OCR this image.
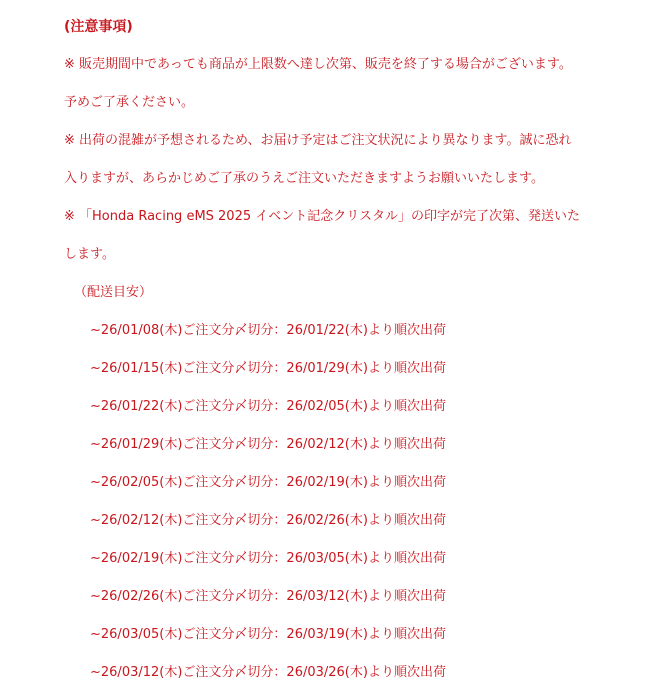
(注意事項)
※ 販売期間中であっても商品が上限数へ達し次第、販売を終了する場合がございます。
予めご了承ください。
※ 出荷の混雑が予想されるため、お届け予定はご注文状況により異なります。誠に恐れ
入りますが、あらかじめご了承のうえご注文いただきますようお願いいたします。
※ 「Honda Racing eMS 2025 イベント記念クリスタル」の印字が完了次第、発送いた
します。
（配送目安）
~26/01/08(木)ご注文分〆切分：26/01/22(木)より順次出荷
~26/01/15(木)ご注文分〆切分：26/01/29(木)より順次出荷
~26/01/22(木)ご注文分〆切分：26/02/05(木)より順次出荷
~26/01/29(木)ご注文分〆切分：26/02/12(木)より順次出荷
~26/02/05(木)ご注文分〆切分：26/02/19(木)より順次出荷
~26/02/12(木)ご注文分〆切分：26/02/26(木)より順次出荷
~26/02/19(木)ご注文分〆切分：26/03/05(木)より順次出荷
~26/02/26(木)ご注文分〆切分：26/03/12(木)より順次出荷
~26/03/05(木)ご注文分〆切分：26/03/19(木)より順次出荷
~26/03/12(木)ご注文分〆切分：26/03/26(木)より順次出荷
